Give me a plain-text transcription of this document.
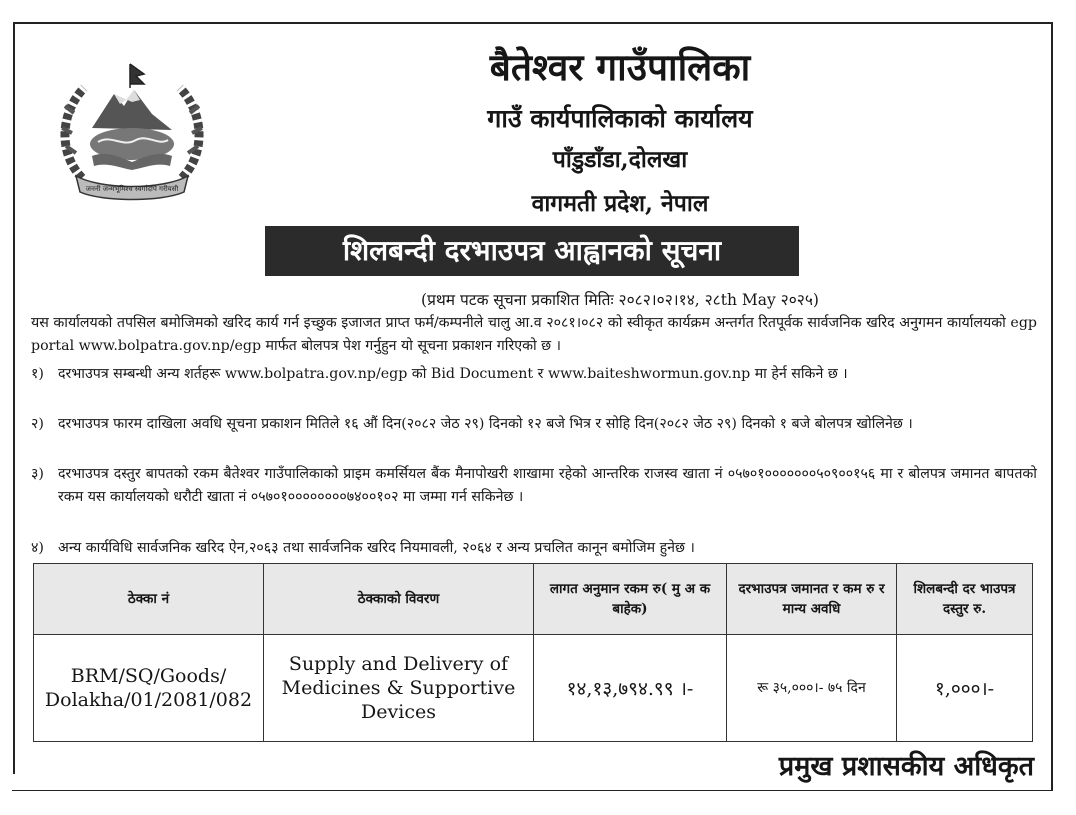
जननी जन्मभूमिश्च स्वर्गादपि गरीयसी
बैतेश्वर गाउँपालिका
गाउँ कार्यपालिकाको कार्यालय
पाँडुडाँडा,दोलखा
वागमती प्रदेश, नेपाल
शिलबन्दी दरभाउपत्र आह्वानको सूचना
(प्रथम पटक सूचना प्रकाशित मितिः २०८२।०२।१४, २८th May २०२५)
यस कार्यालयको तपसिल बमोजिमको खरिद कार्य गर्न इच्छुक इजाजत प्राप्त फर्म/कम्पनीले चालु आ.व २०८१।०८२ को स्वीकृत कार्यक्रम अन्तर्गत रितपूर्वक सार्वजनिक खरिद अनुगमन कार्यालयको egp portal www.bolpatra.gov.np/egp मार्फत बोलपत्र पेश गर्नुहुन यो सूचना प्रकाशन गरिएको छ ।
१) दरभाउपत्र सम्बन्धी अन्य शर्तहरू www.bolpatra.gov.np/egp को Bid Document र www.baiteshwormun.gov.np मा हेर्न सकिने छ ।
२) दरभाउपत्र फारम दाखिला अवधि सूचना प्रकाशन मितिले १६ औं दिन(२०८२ जेठ २९) दिनको १२ बजे भित्र र सोहि दिन(२०८२ जेठ २९) दिनको १ बजे बोलपत्र खोलिनेछ ।
३) दरभाउपत्र दस्तुर बापतको रकम बैतेश्वर गाउँपालिकाको प्राइम कमर्सियल बैंक मैनापोखरी शाखामा रहेको आन्तरिक राजस्व खाता नं ०५७०१०००००००५०९००१५६ मा र बोलपत्र जमानत बापतको रकम यस कार्यालयको धरौटी खाता नं ०५७०१००००००००७४००१०२ मा जम्मा गर्न सकिनेछ ।
४) अन्य कार्यविधि सार्वजनिक खरिद ऐन,२०६३ तथा सार्वजनिक खरिद नियमावली, २०६४ र अन्य प्रचलित कानून बमोजिम हुनेछ ।
ठेक्का नं	ठेक्काको विवरण	लागत अनुमान रकम रु( मु अ क बाहेक)	दरभाउपत्र जमानत र कम रु र मान्य अवधि	शिलबन्दी दर भाउपत्र दस्तुर रु.
BRM/SQ/Goods/ Dolakha/01/2081/082	Supply and Delivery of Medicines & Supportive Devices	१४,१३,७९४.९९ ।-	रू ३५,०००।- ७५ दिन	१,०००।-
प्रमुख प्रशासकीय अधिकृत
